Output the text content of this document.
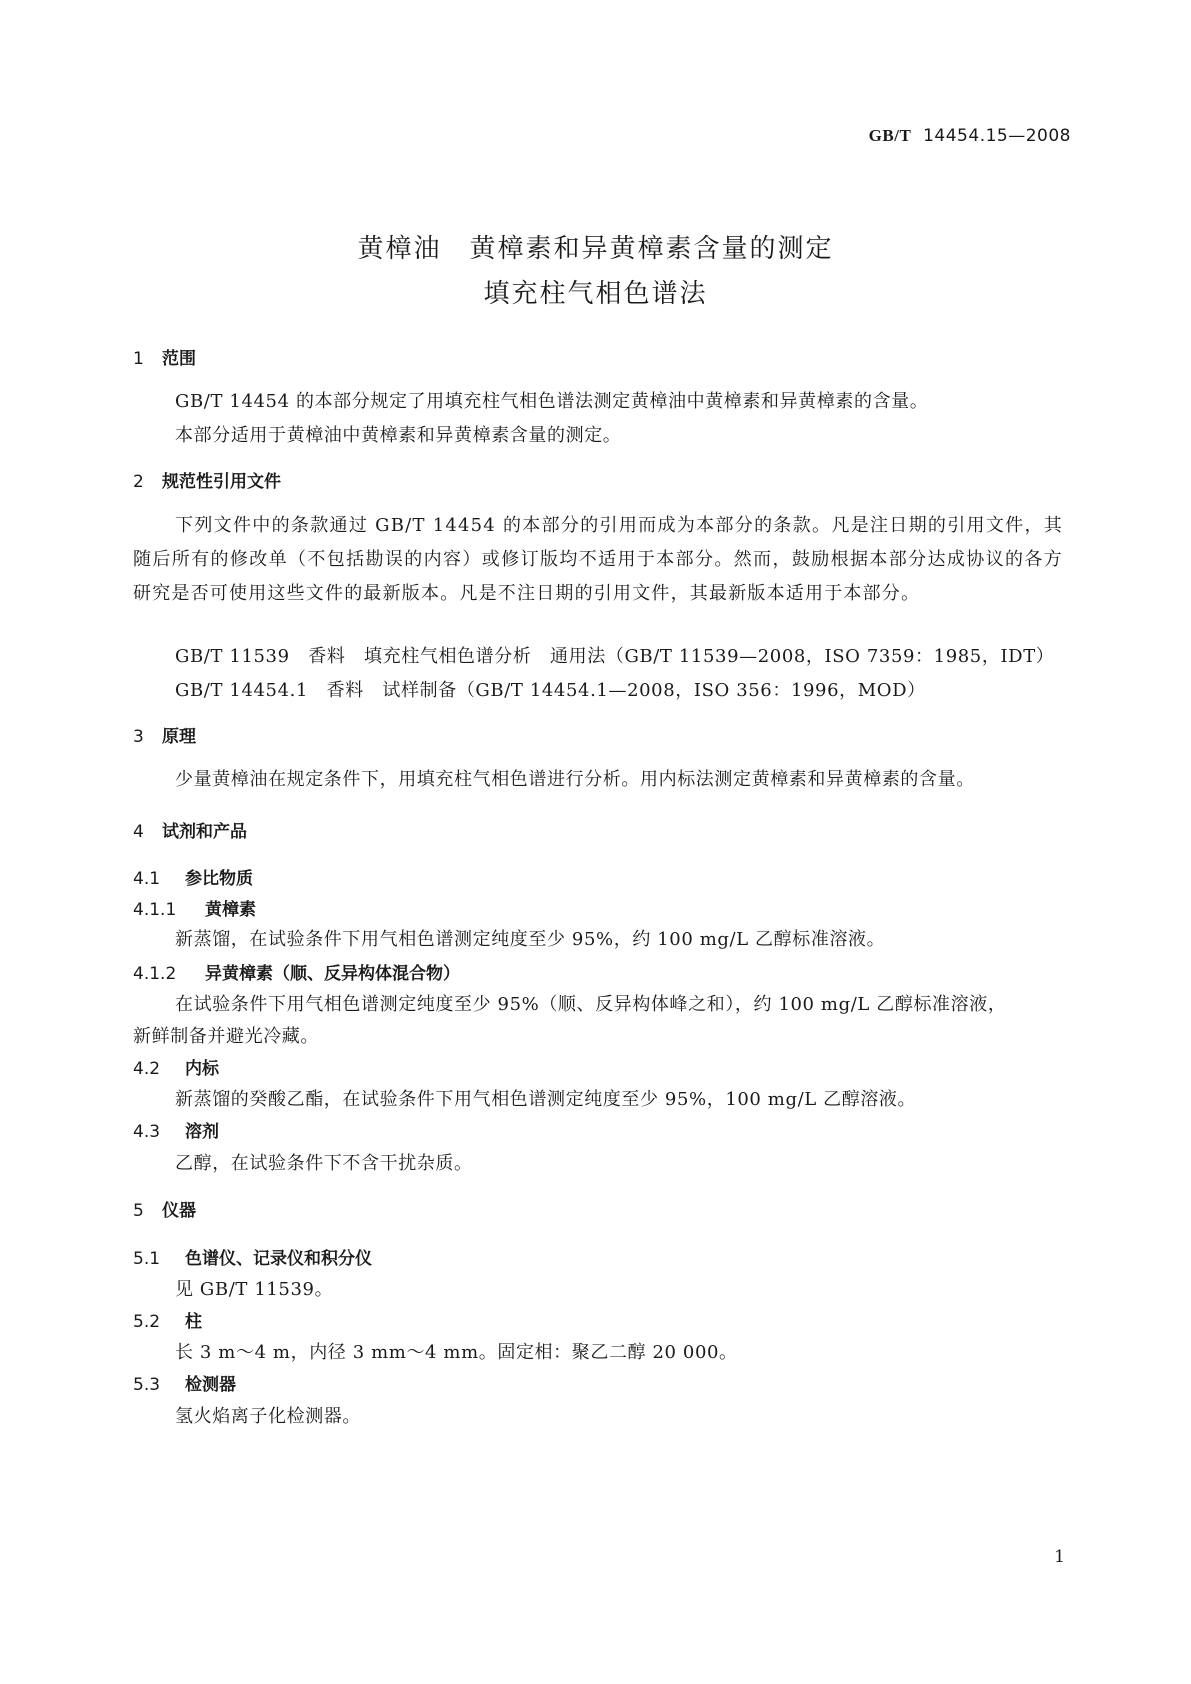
GB/T 14454.15—2008
黄樟油　黄樟素和异黄樟素含量的测定
填充柱气相色谱法
1 范围
GB/T 14454 的本部分规定了用填充柱气相色谱法测定黄樟油中黄樟素和异黄樟素的含量。
本部分适用于黄樟油中黄樟素和异黄樟素含量的测定。
2 规范性引用文件
下列文件中的条款通过 GB/T 14454 的本部分的引用而成为本部分的条款。凡是注日期的引用文件，其随后所有的修改单（不包括勘误的内容）或修订版均不适用于本部分。然而，鼓励根据本部分达成协议的各方研究是否可使用这些文件的最新版本。凡是不注日期的引用文件，其最新版本适用于本部分。
GB/T 11539　香料　填充柱气相色谱分析　通用法（GB/T 11539—2008，ISO 7359：1985，IDT）
GB/T 14454.1　香料　试样制备（GB/T 14454.1—2008，ISO 356：1996，MOD）
3 原理
少量黄樟油在规定条件下，用填充柱气相色谱进行分析。用内标法测定黄樟素和异黄樟素的含量。
4 试剂和产品
4.1 参比物质
4.1.1 黄樟素
新蒸馏，在试验条件下用气相色谱测定纯度至少 95%，约 100 mg/L 乙醇标准溶液。
4.1.2 异黄樟素（顺、反异构体混合物）
在试验条件下用气相色谱测定纯度至少 95%（顺、反异构体峰之和），约 100 mg/L 乙醇标准溶液，
新鲜制备并避光冷藏。
4.2 内标
新蒸馏的癸酸乙酯，在试验条件下用气相色谱测定纯度至少 95%，100 mg/L 乙醇溶液。
4.3 溶剂
乙醇，在试验条件下不含干扰杂质。
5 仪器
5.1 色谱仪、记录仪和积分仪
见 GB/T 11539。
5.2 柱
长 3 m～4 m，内径 3 mm～4 mm。固定相：聚乙二醇 20 000。
5.3 检测器
氢火焰离子化检测器。
1
